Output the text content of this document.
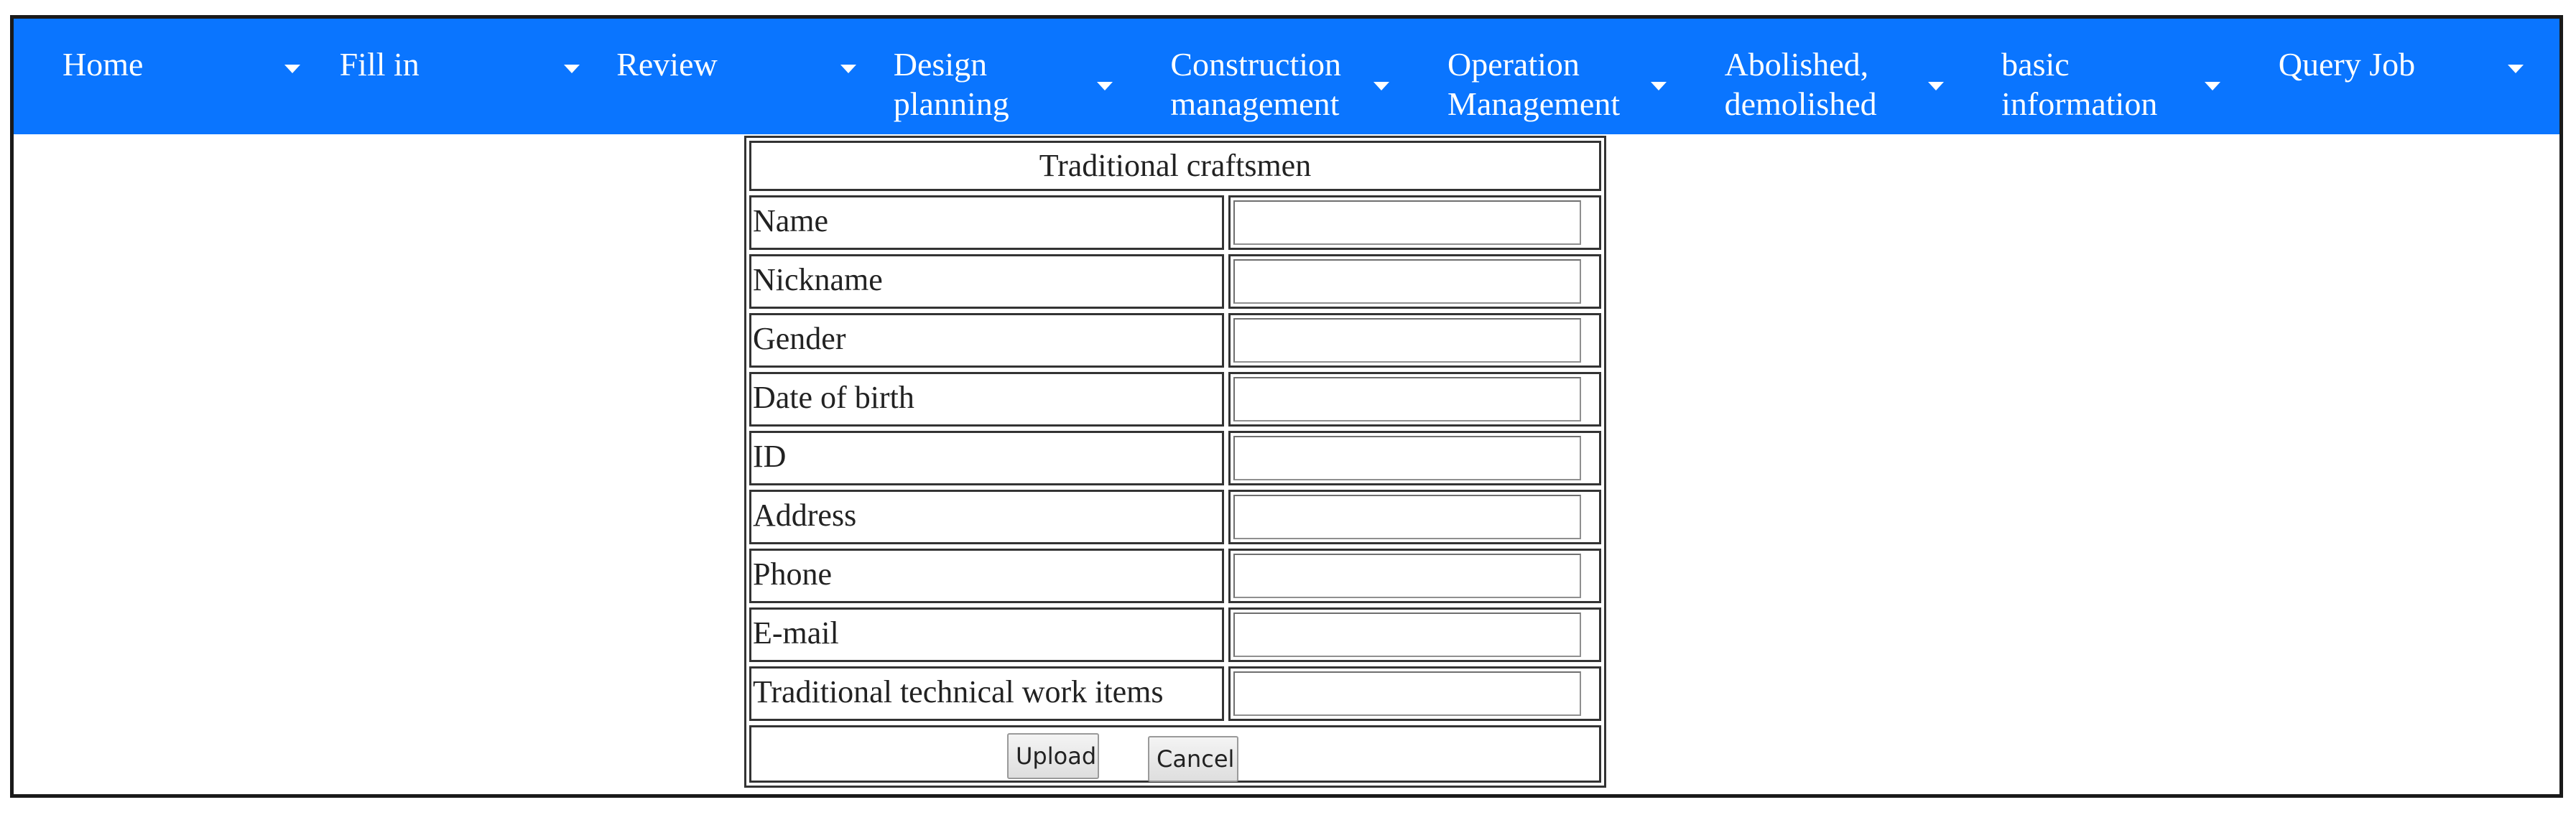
Home	Fill in	Review	Design planning
Construction management
Operation Management
Abolished, demolished
basic information
Query Job
Traditional craftsmen
Name
Nickname
Gender
Date of birth
ID
Address
Phone
E-mail
Traditional technical work items
Upload	Cancel
